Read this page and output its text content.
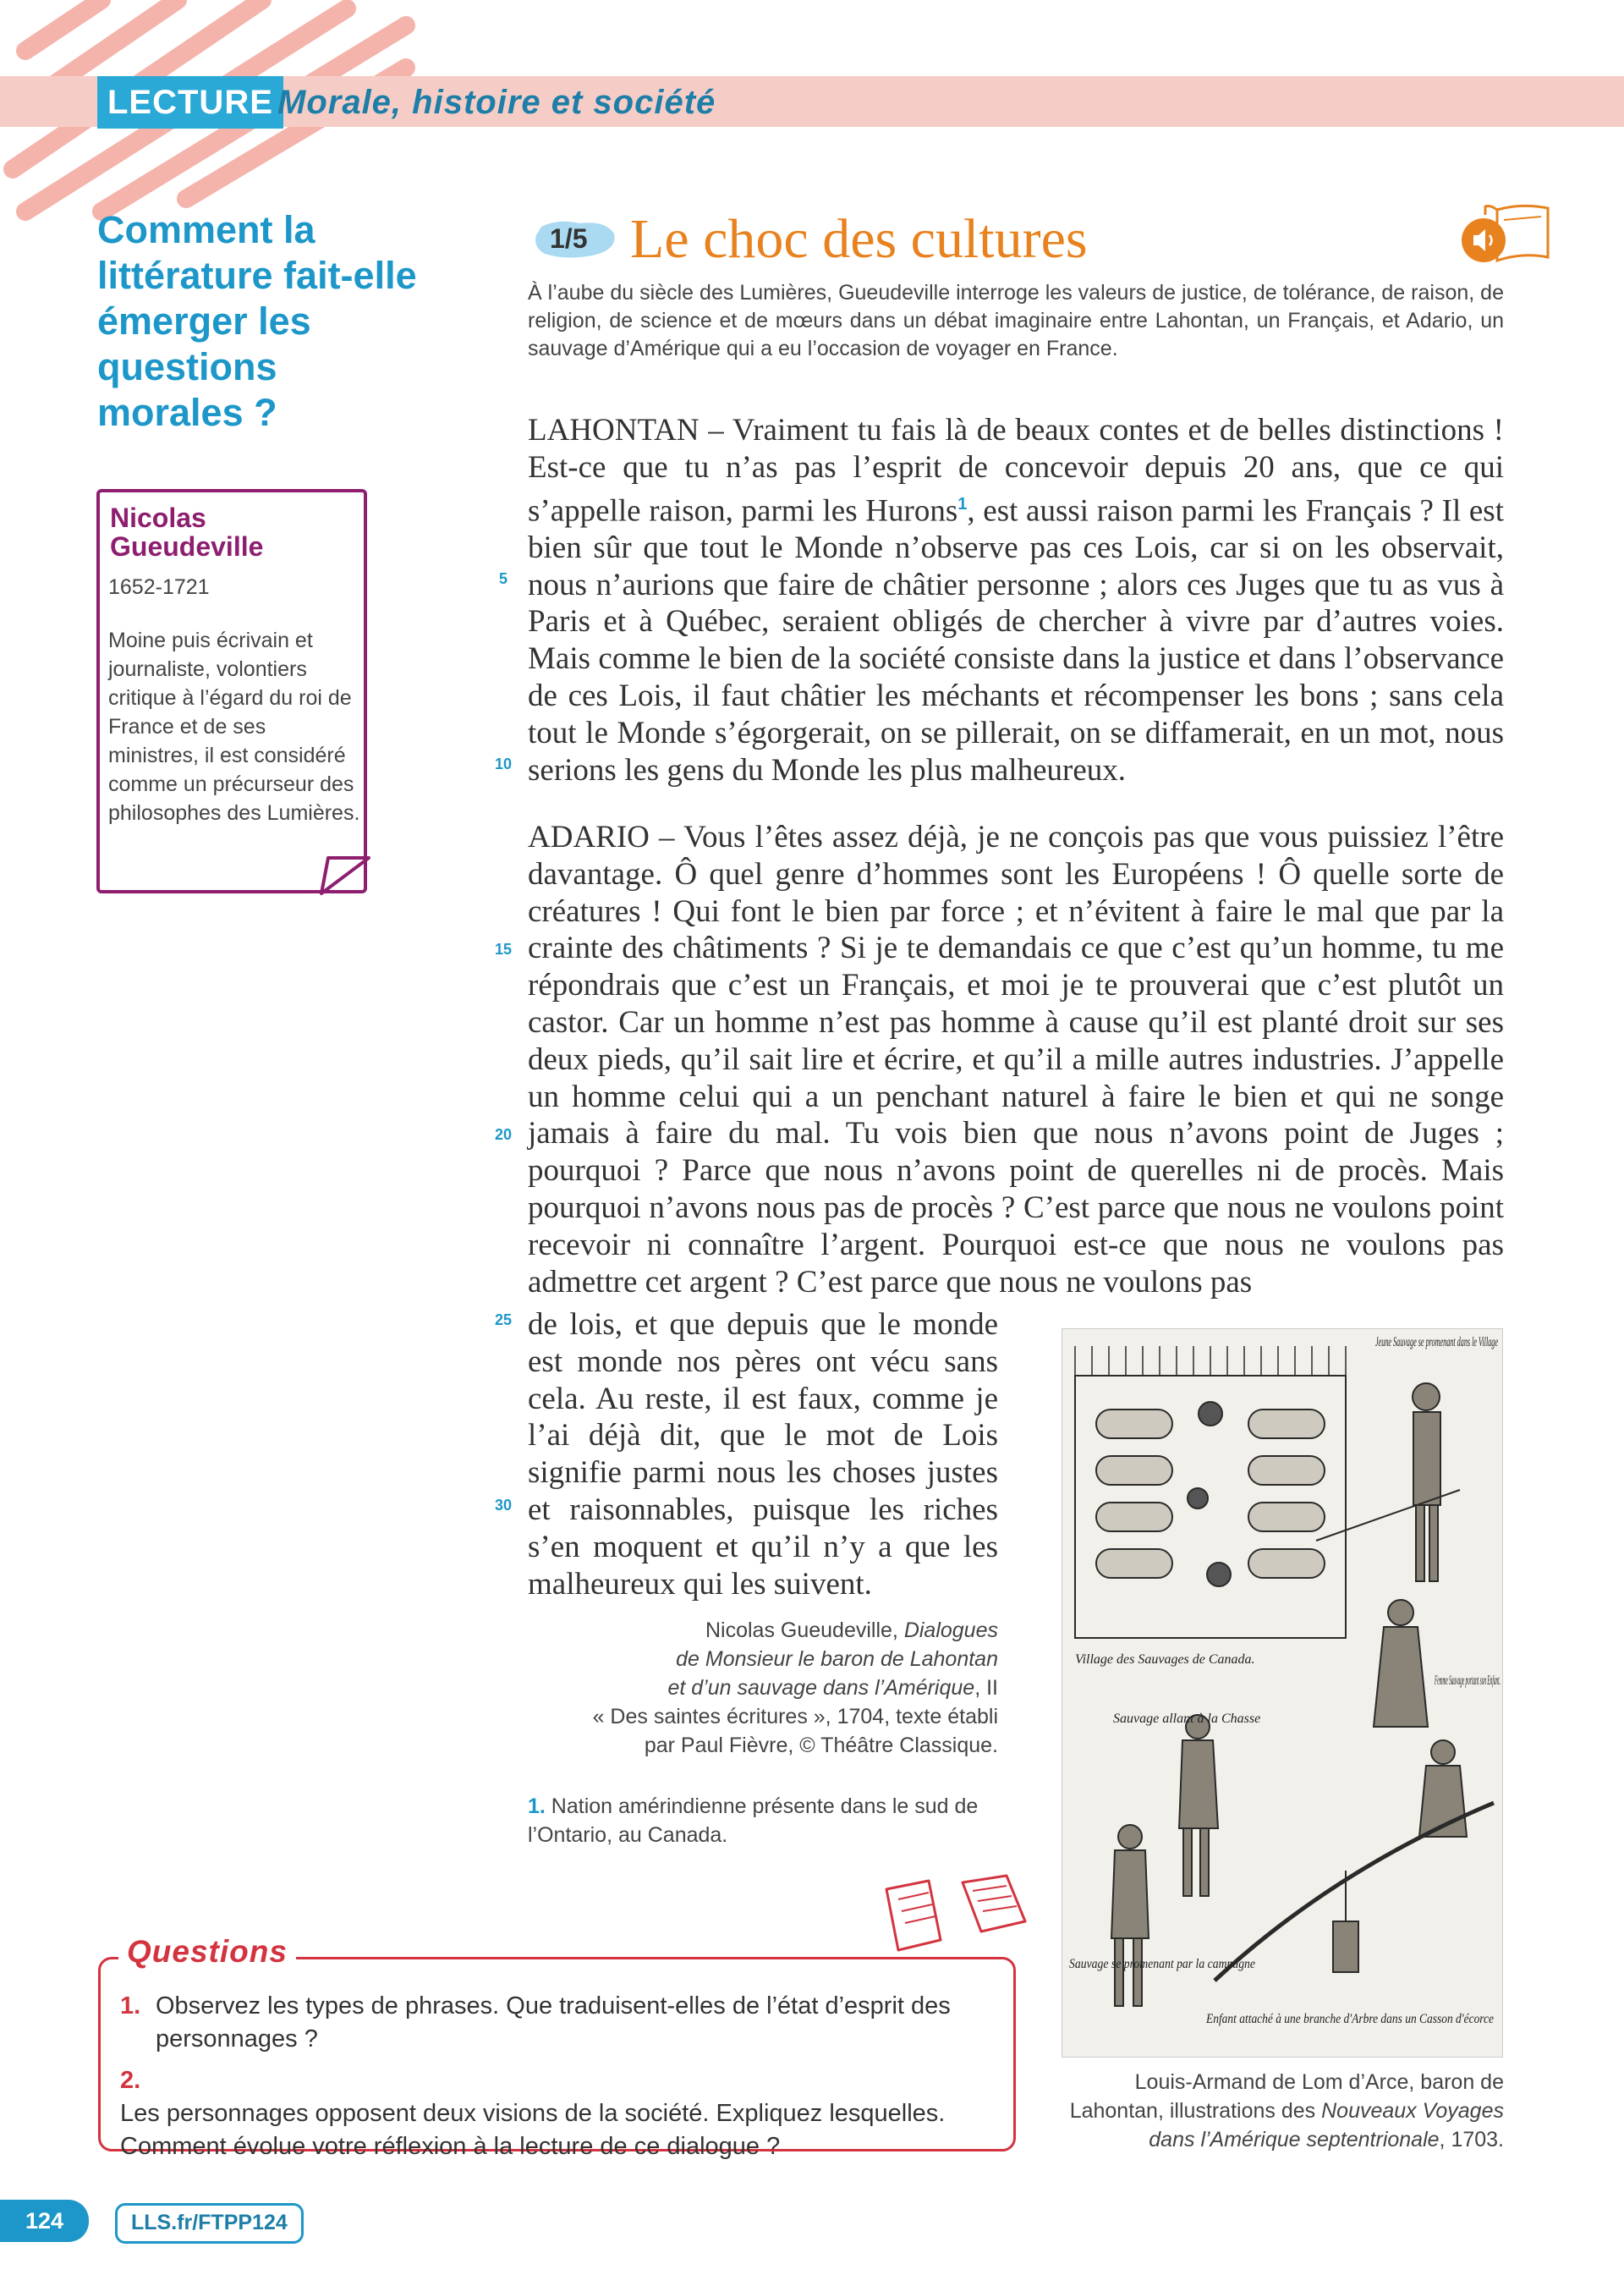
LECTURE Morale, histoire et société
Comment la littérature fait-elle émerger les questions morales ?
Nicolas Gueudeville
1652-1721
Moine puis écrivain et journaliste, volontiers critique à l’égard du roi de France et de ses ministres, il est considéré comme un précurseur des philosophes des Lumières.
1/5 Le choc des cultures

À l’aube du siècle des Lumières, Gueudeville interroge les valeurs de justice, de tolérance, de raison, de religion, de science et de mœurs dans un débat imaginaire entre Lahontan, un Français, et Adario, un sauvage d’Amérique qui a eu l’occasion de voyager en France.

LAHONTAN – Vraiment tu fais là de beaux contes et de belles distinctions ! Est-ce que tu n’as pas l’esprit de concevoir depuis 20 ans, que ce qui s’appelle raison, parmi les Hurons$^1$, est aussi raison parmi les Français ? Il est bien sûr que tout le Monde n’observe pas ces Lois, car si on les observait, nous n’aurions que faire de châtier personne ; alors ces Juges que tu as vus à Paris et à Québec, seraient obligés de chercher à vivre par d’autres voies. Mais comme le bien de la société consiste dans la justice et dans l’observance de ces Lois, il faut châtier les méchants et récompenser les bons ; sans cela tout le Monde s’égorgerait, on se pillerait, on se diffamerait, en un mot, nous serions les gens du Monde les plus malheureux.

ADARIO – Vous l’êtes assez déjà, je ne conçois pas que vous puissiez l’être davantage. Ô quel genre d’hommes sont les Européens ! Ô quelle sorte de créatures ! Qui font le bien par force ; et n’évitent à faire le mal que par la crainte des châtiments ? Si je te demandais ce que c’est qu’un homme, tu me répondrais que c’est un Français, et moi je te prouverai que c’est plutôt un castor. Car un homme n’est pas homme à cause qu’il est planté droit sur ses deux pieds, qu’il sait lire et écrire, et qu’il a mille autres industries. J’appelle un homme celui qui a un penchant naturel à faire le bien et qui ne songe jamais à faire du mal. Tu vois bien que nous n’avons point de Juges ; pourquoi ? Parce que nous n’avons point de querelles ni de procès. Mais pourquoi n’avons nous pas de procès ? C’est parce que nous ne voulons point recevoir ni connaître l’argent. Pourquoi est-ce que nous ne voulons pas admettre cet argent ? C’est parce que nous ne voulons pas

de lois, et que depuis que le monde est monde nos pères ont vécu sans cela. Au reste, il est faux, comme je l’ai déjà dit, que le mot de Lois signifie parmi nous les choses justes et raisonnables, puisque les riches s’en moquent et qu’il n’y a que les malheureux qui les suivent.

5
10
15
20
25
30
Nicolas Gueudeville, Dialogues
de Monsieur le baron de Lahontan
et d’un sauvage dans l’Amérique, II
« Des saintes écritures », 1704, texte établi
par Paul Fièvre, © Théâtre Classique.
1. Nation amérindienne présente dans le sud de l’Ontario, au Canada.
Jeune Sauvage se promenant dans le Village
Village des Sauvages de Canada.
Femme Sauvage portant son Enfant.
Sauvage allant à la Chasse
Sauvage se promenant par la campagne
Enfant attaché à une branche d'Arbre dans un Casson d'écorce
Louis-Armand de Lom d’Arce, baron de Lahontan, illustrations des Nouveaux Voyages dans l’Amérique septentrionale, 1703.
Questions
1. Observez les types de phrases. Que traduisent-elles de l’état d’esprit des personnages ?
2.Les personnages opposent deux visions de la société. Expliquez lesquelles. Comment évolue votre réflexion à la lecture de ce dialogue ?
124	LLS.fr/FTPP124
